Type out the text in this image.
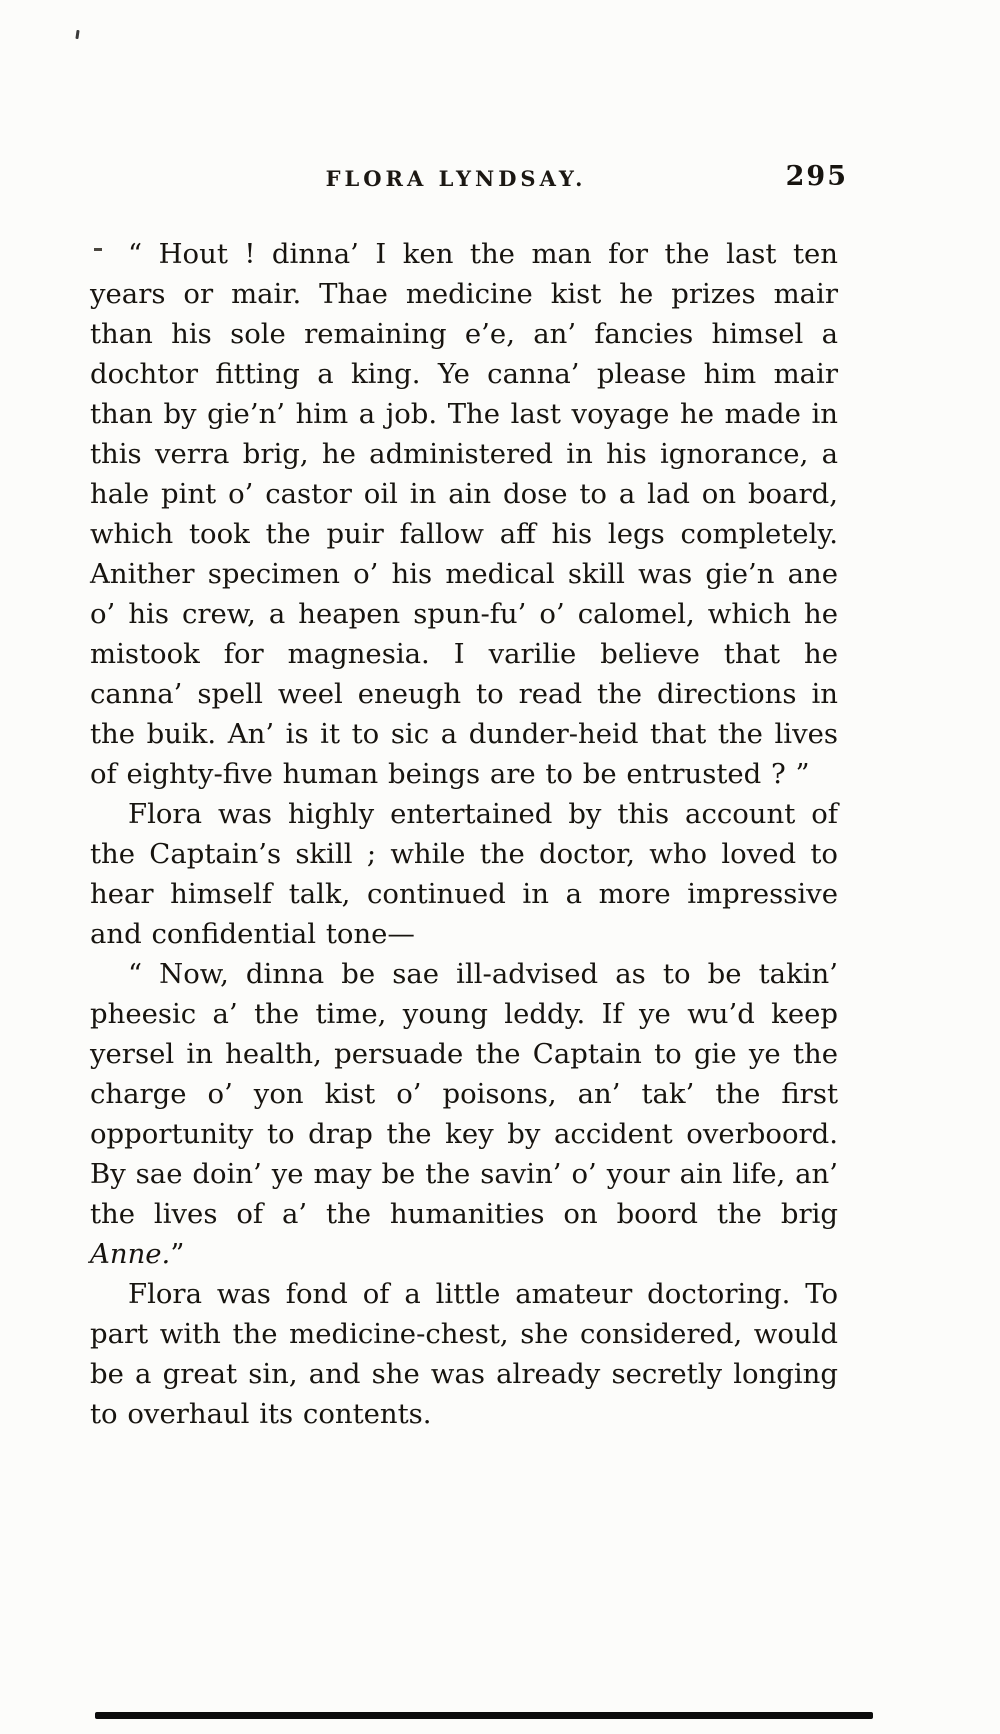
FLORA LYNDSAY.	295

“ Hout ! dinna’ I ken the man for the last ten years or mair. Thae medicine kist he prizes mair than his sole remaining e’e, an’ fancies himsel a dochtor fitting a king. Ye canna’ please him mair than by gie’n’ him a job. The last voyage he made in this verra brig, he administered in his ignorance, a hale pint o’ castor oil in ain dose to a lad on board, which took the puir fallow aff his legs completely. Anither specimen o’ his medical skill was gie’n ane o’ his crew, a heapen spun-fu’ o’ calomel, which he mistook for magnesia. I varilie believe that he canna’ spell weel eneugh to read the directions in the buik. An’ is it to sic a dunder-heid that the lives of eighty-five human beings are to be entrusted ? ”

Flora was highly entertained by this account of the Captain’s skill ; while the doctor, who loved to hear himself talk, continued in a more impressive and confidential tone—

“ Now, dinna be sae ill-advised as to be takin’ pheesic a’ the time, young leddy. If ye wu’d keep yersel in health, persuade the Captain to gie ye the charge o’ yon kist o’ poisons, an’ tak’ the first opportunity to drap the key by accident overboord. By sae doin’ ye may be the savin’ o’ your ain life, an’ the lives of a’ the humanities on boord the brig Anne.”

Flora was fond of a little amateur doctoring. To part with the medicine-chest, she considered, would be a great sin, and she was already secretly longing to overhaul its contents.
